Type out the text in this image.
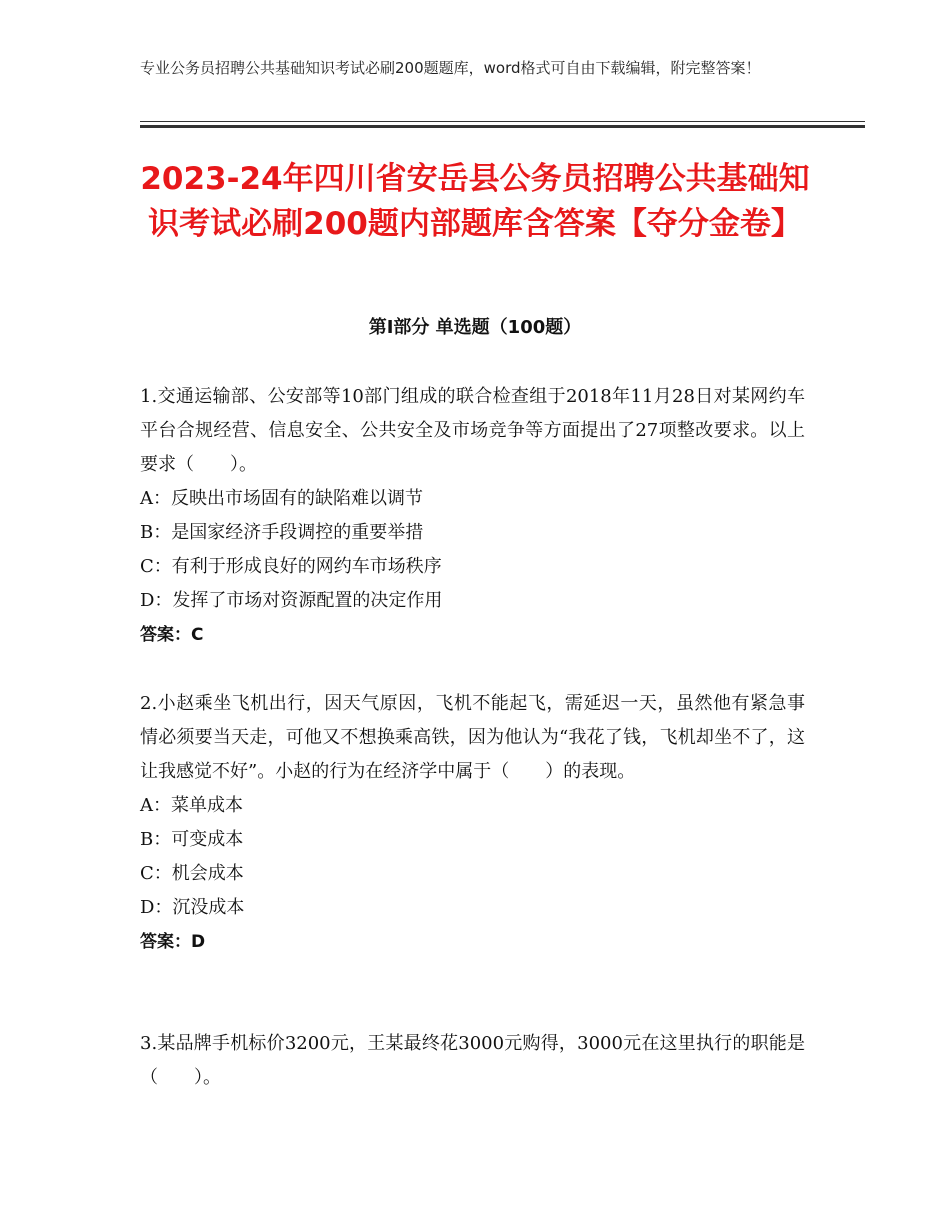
专业公务员招聘公共基础知识考试必刷200题题库，word格式可自由下载编辑，附完整答案！
2023-24年四川省安岳县公务员招聘公共基础知识考试必刷200题内部题库含答案【夺分金卷】
第Ⅰ部分 单选题（100题）

1.交通运输部、公安部等10部门组成的联合检查组于2018年11月28日对某网约车平台合规经营、信息安全、公共安全及市场竞争等方面提出了27项整改要求。以上要求（　　）。

A：反映出市场固有的缺陷难以调节

B：是国家经济手段调控的重要举措

C：有利于形成良好的网约车市场秩序

D：发挥了市场对资源配置的决定作用

答案：C

2.小赵乘坐飞机出行，因天气原因，飞机不能起飞，需延迟一天，虽然他有紧急事情必须要当天走，可他又不想换乘高铁，因为他认为“我花了钱，飞机却坐不了，这让我感觉不好”。小赵的行为在经济学中属于（　　）的表现。

A：菜单成本

B：可变成本

C：机会成本

D：沉没成本

答案：D

3.某品牌手机标价3200元，王某最终花3000元购得，3000元在这里执行的职能是（　　）。
